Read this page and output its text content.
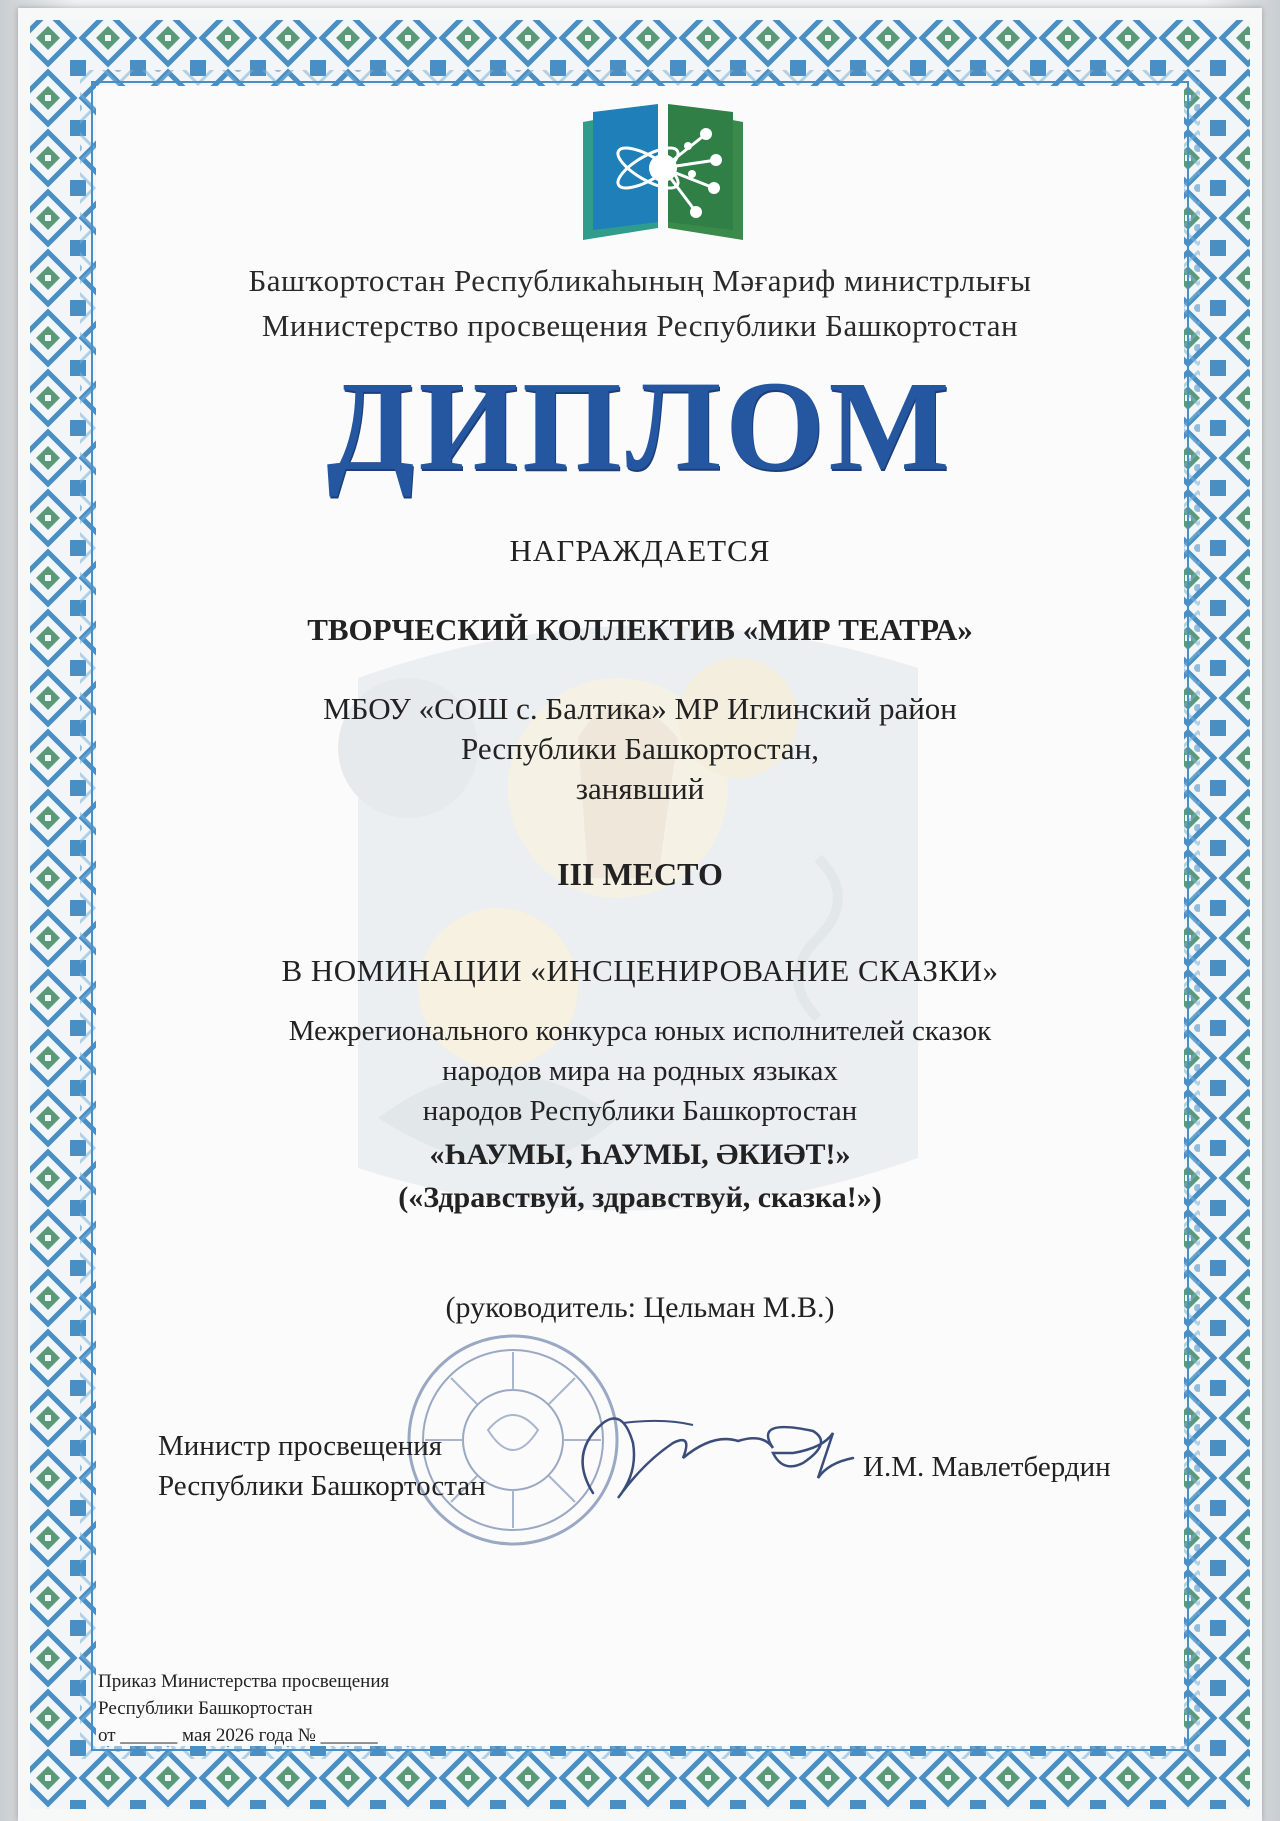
Башҡортостан Республикаһының Мәғариф министрлығы

Министерство просвещения Республики Башкортостан

ДИПЛОМ

НАГРАЖДАЕТСЯ

ТВОРЧЕСКИЙ КОЛЛЕКТИВ «МИР ТЕАТРА»

МБОУ «СОШ с. Балтика» МР Иглинский район

Республики Башкортостан,

занявший

III МЕСТО

В НОМИНАЦИИ «ИНСЦЕНИРОВАНИЕ СКАЗКИ»

Межрегионального конкурса юных исполнителей сказок

народов мира на родных языках

народов Республики Башкортостан

«ҺАУМЫ, ҺАУМЫ, ӘКИӘТ!»

(«Здравствуй, здравствуй, сказка!»)

(руководитель: Цельман М.В.)

Министр просвещения
Республики Башкортостан
И.М. Мавлетбердин
Приказ Министерства просвещения
Республики Башкортостан
от ______ мая 2026 года № ______
